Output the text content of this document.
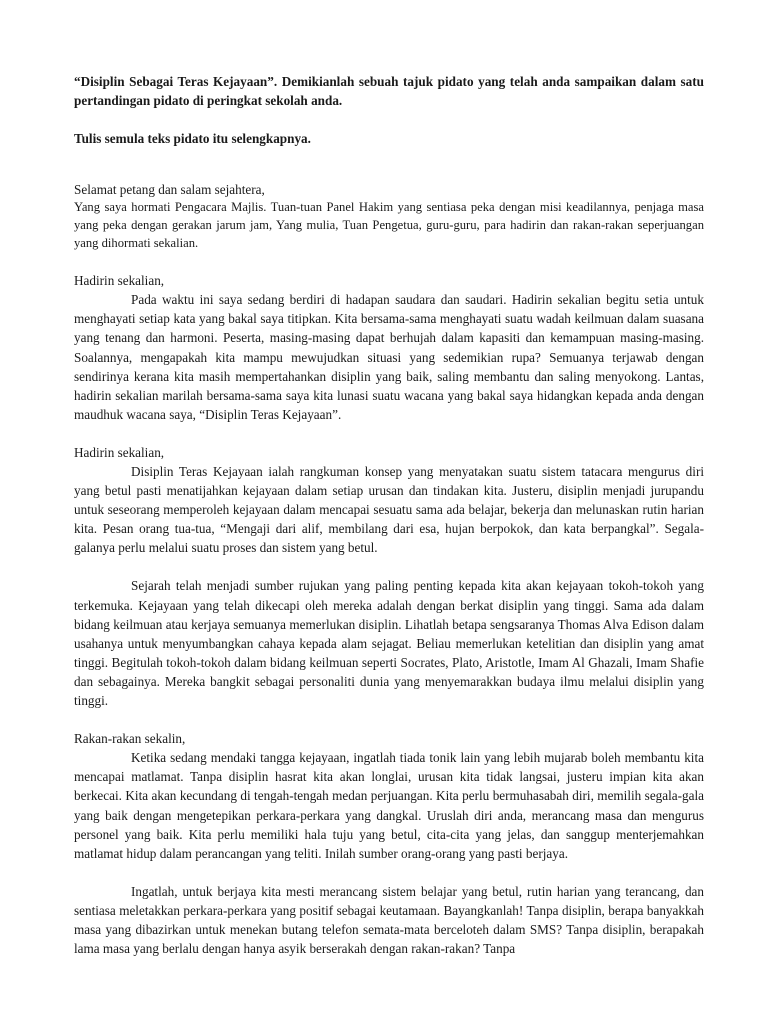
“Disiplin Sebagai Teras Kejayaan”. Demikianlah sebuah tajuk pidato yang telah anda sampaikan dalam satu pertandingan pidato di peringkat sekolah anda.

Tulis semula teks pidato itu selengkapnya.

Selamat petang dan salam sejahtera,

Yang saya hormati Pengacara Majlis. Tuan-tuan Panel Hakim yang sentiasa peka dengan misi keadilannya, penjaga masa yang peka dengan gerakan jarum jam, Yang mulia, Tuan Pengetua, guru-guru, para hadirin dan rakan-rakan seperjuangan yang dihormati sekalian.

Hadirin sekalian,

Pada waktu ini saya sedang berdiri di hadapan saudara dan saudari. Hadirin sekalian begitu setia untuk menghayati setiap kata yang bakal saya titipkan. Kita bersama-sama menghayati suatu wadah keilmuan dalam suasana yang tenang dan harmoni. Peserta, masing-masing dapat berhujah dalam kapasiti dan kemampuan masing-masing. Soalannya, mengapakah kita mampu mewujudkan situasi yang sedemikian rupa? Semuanya terjawab dengan sendirinya kerana kita masih mempertahankan disiplin yang baik, saling membantu dan saling menyokong. Lantas, hadirin sekalian marilah bersama-sama saya kita lunasi suatu wacana yang bakal saya hidangkan kepada anda dengan maudhuk wacana saya, “Disiplin Teras Kejayaan”.

Hadirin sekalian,

Disiplin Teras Kejayaan ialah rangkuman konsep yang menyatakan suatu sistem tatacara mengurus diri yang betul pasti menatijahkan kejayaan dalam setiap urusan dan tindakan kita. Justeru, disiplin menjadi jurupandu untuk seseorang memperoleh kejayaan dalam mencapai sesuatu sama ada belajar, bekerja dan melunaskan rutin harian kita. Pesan orang tua-tua, “Mengaji dari alif, membilang dari esa, hujan berpokok, dan kata berpangkal”. Segala-galanya perlu melalui suatu proses dan sistem yang betul.

Sejarah telah menjadi sumber rujukan yang paling penting kepada kita akan kejayaan tokoh-tokoh yang terkemuka. Kejayaan yang telah dikecapi oleh mereka adalah dengan berkat disiplin yang tinggi. Sama ada dalam bidang keilmuan atau kerjaya semuanya memerlukan disiplin. Lihatlah betapa sengsaranya Thomas Alva Edison dalam usahanya untuk menyumbangkan cahaya kepada alam sejagat. Beliau memerlukan ketelitian dan disiplin yang amat tinggi. Begitulah tokoh-tokoh dalam bidang keilmuan seperti Socrates, Plato, Aristotle, Imam Al Ghazali, Imam Shafie dan sebagainya. Mereka bangkit sebagai personaliti dunia yang menyemarakkan budaya ilmu melalui disiplin yang tinggi.

Rakan-rakan sekalin,

Ketika sedang mendaki tangga kejayaan, ingatlah tiada tonik lain yang lebih mujarab boleh membantu kita mencapai matlamat. Tanpa disiplin hasrat kita akan longlai, urusan kita tidak langsai, justeru impian kita akan berkecai. Kita akan kecundang di tengah-tengah medan perjuangan. Kita perlu bermuhasabah diri, memilih segala-gala yang baik dengan mengetepikan perkara-perkara yang dangkal. Uruslah diri anda, merancang masa dan mengurus personel yang baik. Kita perlu memiliki hala tuju yang betul, cita-cita yang jelas, dan sanggup menterjemahkan matlamat hidup dalam perancangan yang teliti. Inilah sumber orang-orang yang pasti berjaya.

Ingatlah, untuk berjaya kita mesti merancang sistem belajar yang betul, rutin harian yang terancang, dan sentiasa meletakkan perkara-perkara yang positif sebagai keutamaan. Bayangkanlah! Tanpa disiplin, berapa banyakkah masa yang dibazirkan untuk menekan butang telefon semata-mata berceloteh dalam SMS? Tanpa disiplin, berapakah lama masa yang berlalu dengan hanya asyik berserakah dengan rakan-rakan? Tanpa
